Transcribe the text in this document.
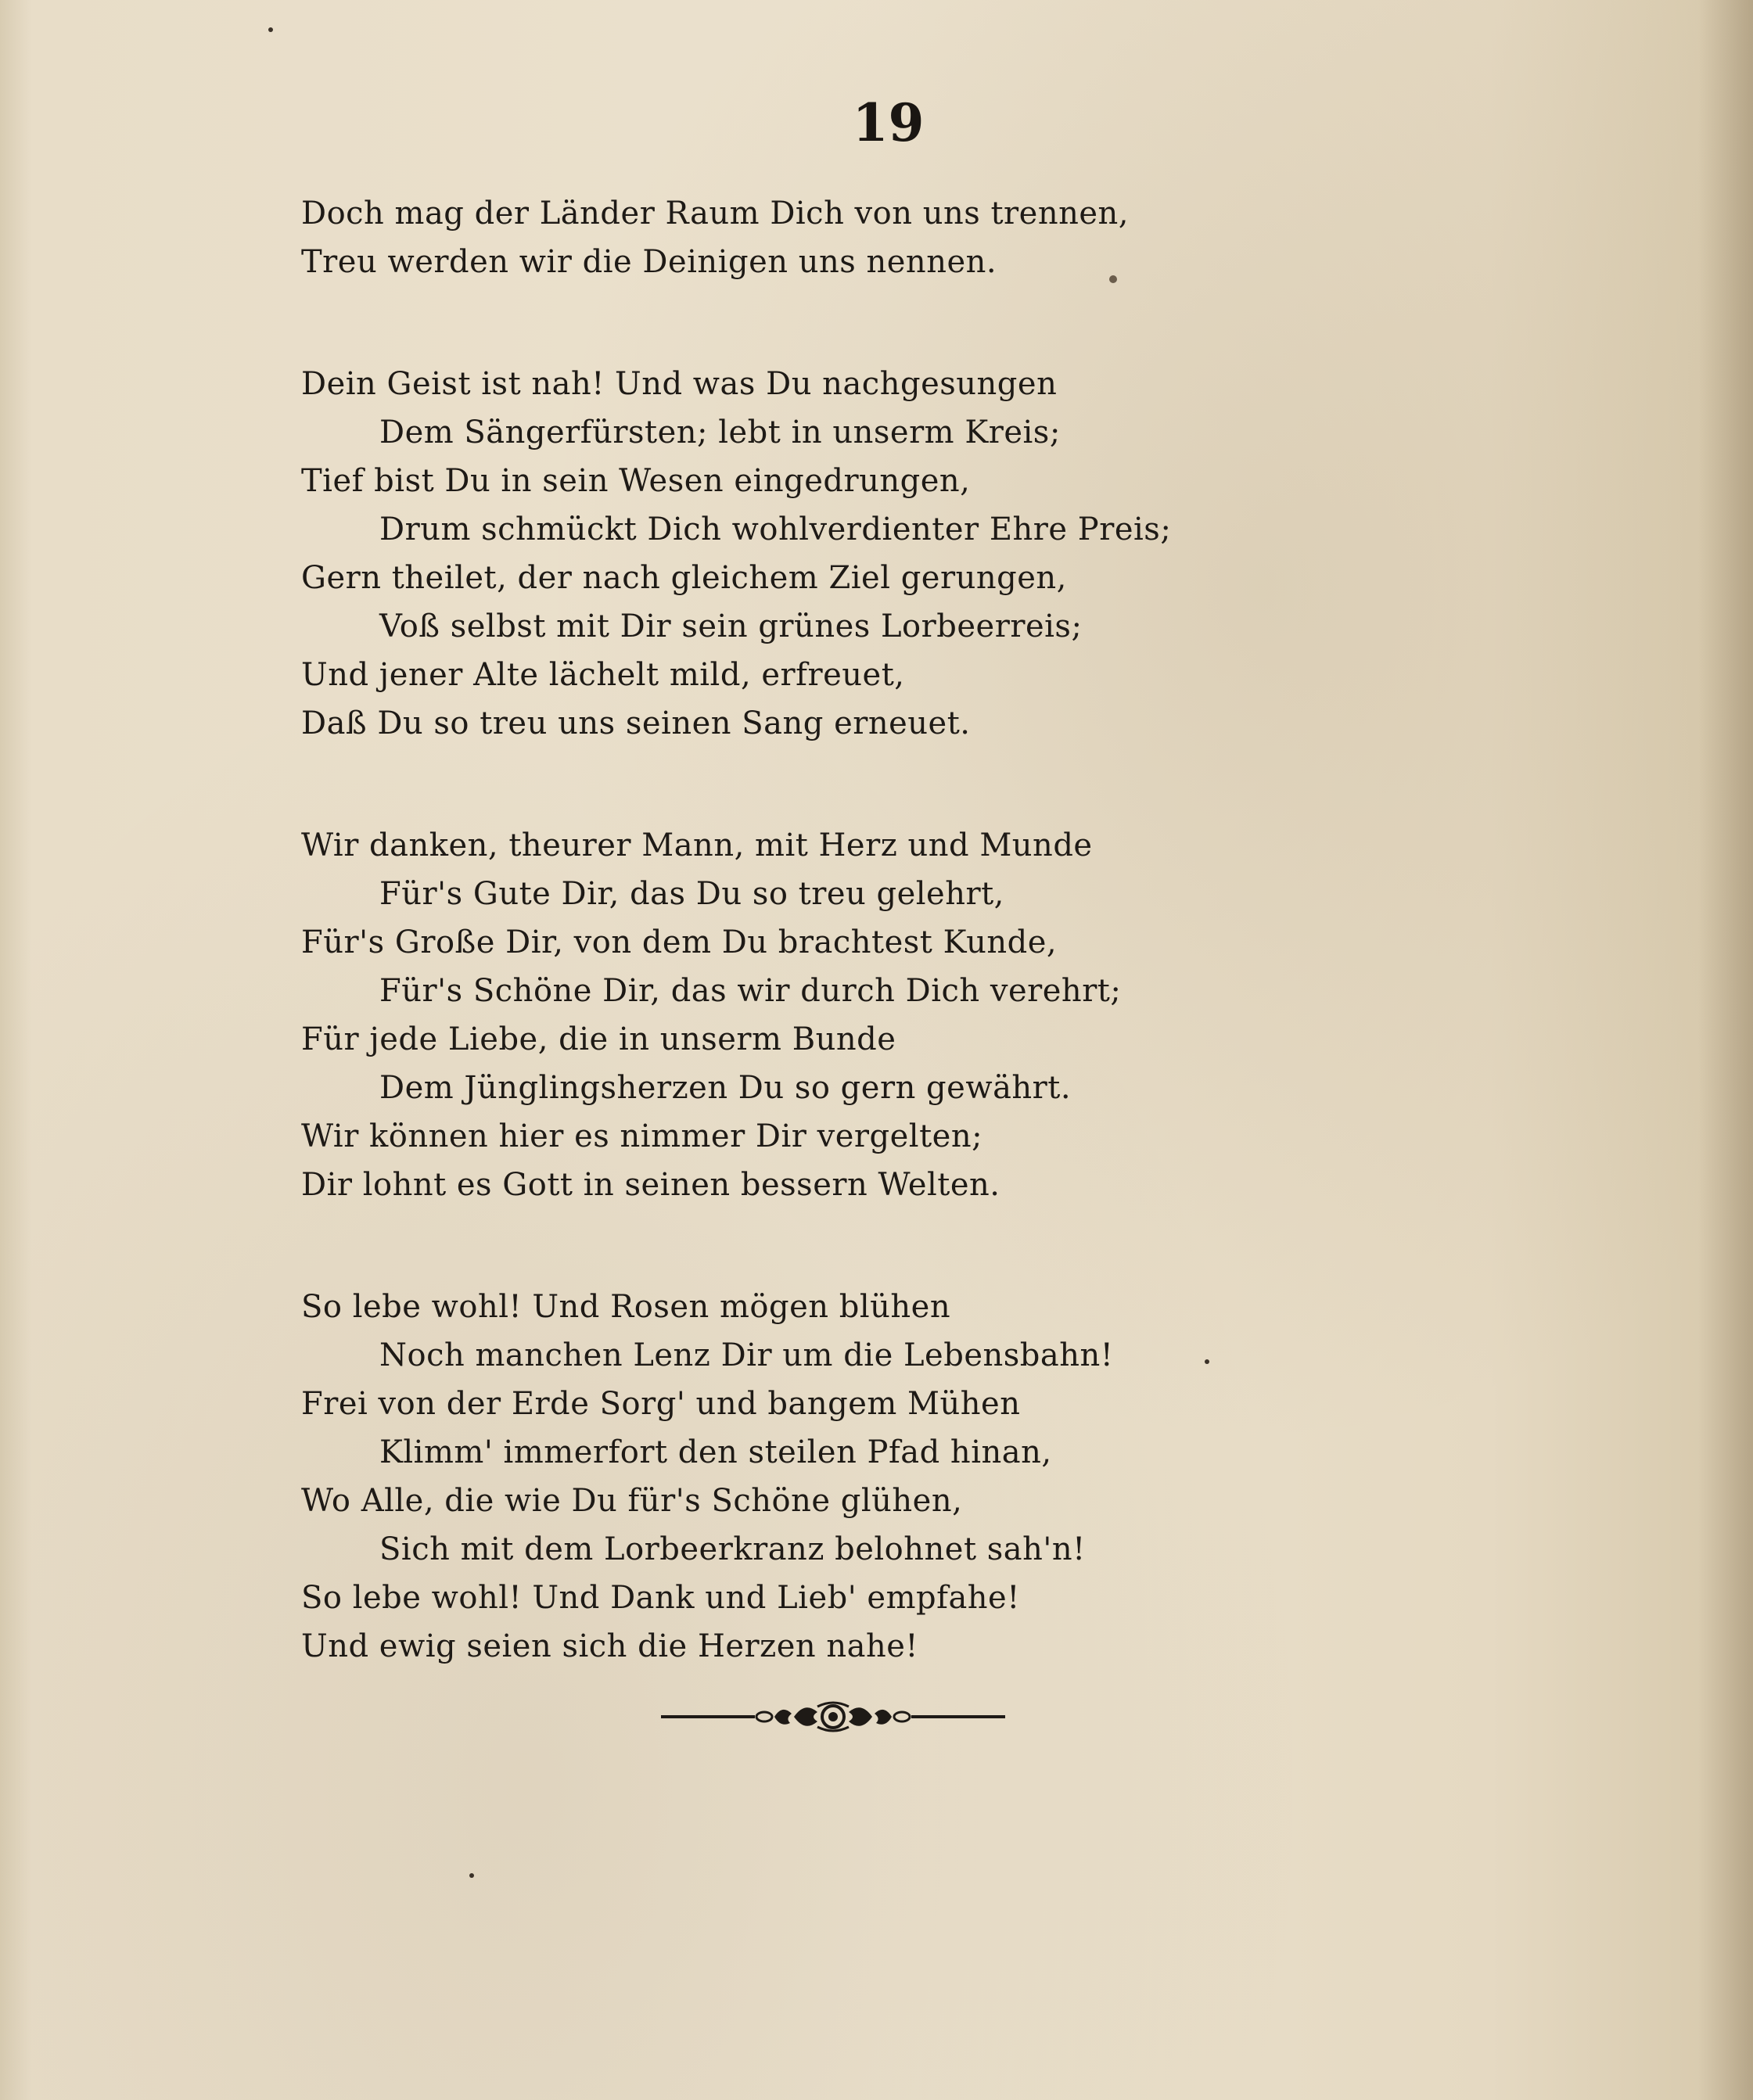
19
Doch mag der Länder Raum Dich von uns trennen,
Treu werden wir die Deinigen uns nennen.
Dein Geist ist nah! Und was Du nachgesungen
Dem Sängerfürsten; lebt in unserm Kreis;
Tief bist Du in sein Wesen eingedrungen,
Drum schmückt Dich wohlverdienter Ehre Preis;
Gern theilet, der nach gleichem Ziel gerungen,
Voß selbst mit Dir sein grünes Lorbeerreis;
Und jener Alte lächelt mild, erfreuet,
Daß Du so treu uns seinen Sang erneuet.
Wir danken, theurer Mann, mit Herz und Munde
Für's Gute Dir, das Du so treu gelehrt,
Für's Große Dir, von dem Du brachtest Kunde,
Für's Schöne Dir, das wir durch Dich verehrt;
Für jede Liebe, die in unserm Bunde
Dem Jünglingsherzen Du so gern gewährt.
Wir können hier es nimmer Dir vergelten;
Dir lohnt es Gott in seinen bessern Welten.
So lebe wohl! Und Rosen mögen blühen
Noch manchen Lenz Dir um die Lebensbahn!
Frei von der Erde Sorg' und bangem Mühen
Klimm' immerfort den steilen Pfad hinan,
Wo Alle, die wie Du für's Schöne glühen,
Sich mit dem Lorbeerkranz belohnet sah'n!
So lebe wohl! Und Dank und Lieb' empfahe!
Und ewig seien sich die Herzen nahe!
